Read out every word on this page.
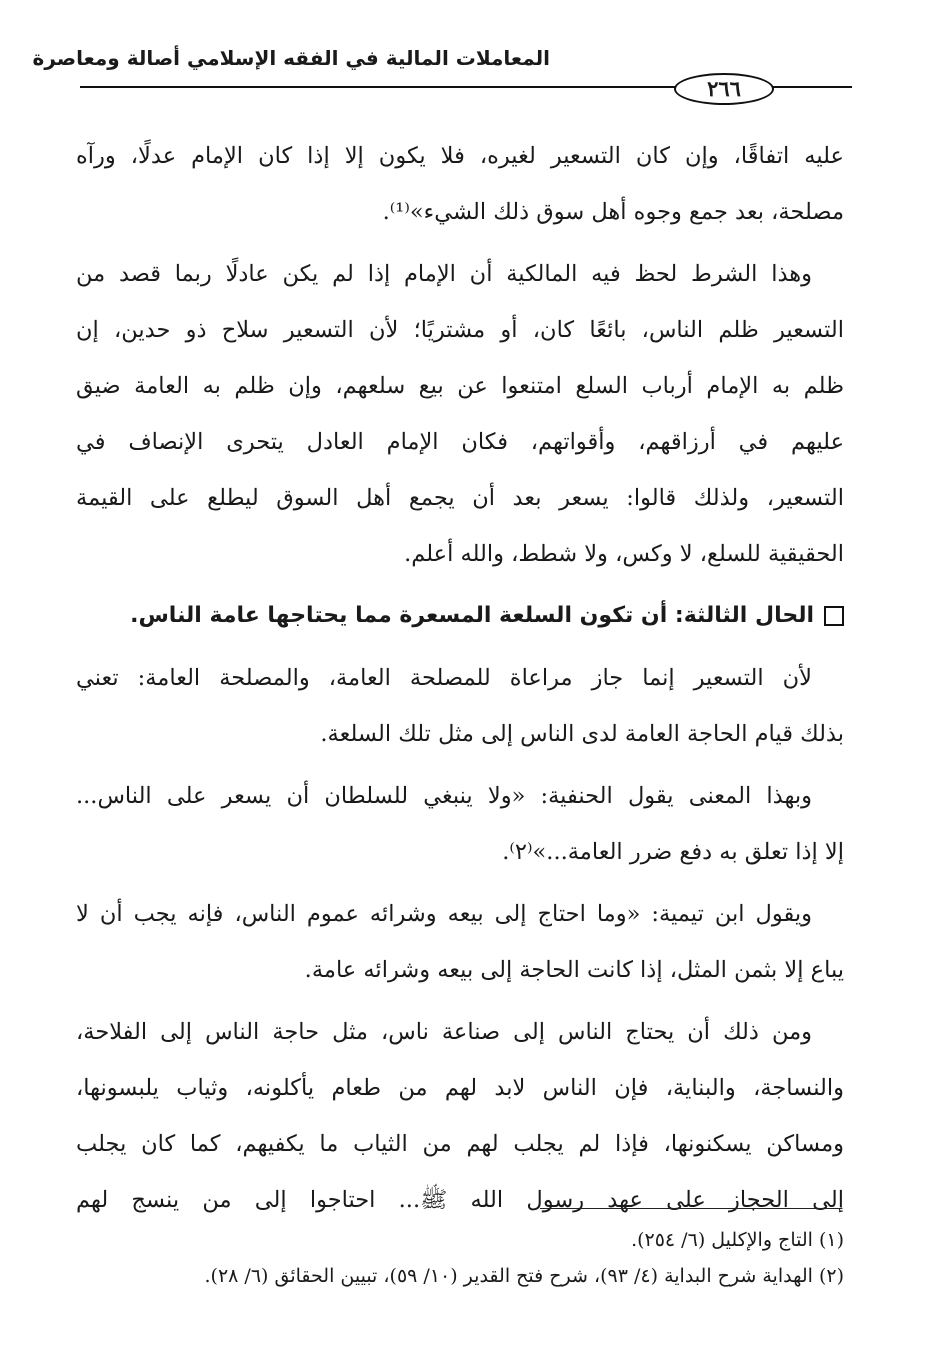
المعاملات المالية في الفقه الإسلامي أصالة ومعاصرة
٢٦٦
عليه اتفاقًا، وإن كان التسعير لغيره، فلا يكون إلا إذا كان الإمام عدلًا، ورآه
مصلحة، بعد جمع وجوه أهل سوق ذلك الشيء»⁽¹⁾.
وهذا الشرط لحظ فيه المالكية أن الإمام إذا لم يكن عادلًا ربما قصد من
التسعير ظلم الناس، بائعًا كان، أو مشتريًا؛ لأن التسعير سلاح ذو حدين، إن
ظلم به الإمام أرباب السلع امتنعوا عن بيع سلعهم، وإن ظلم به العامة ضيق
عليهم في أرزاقهم، وأقواتهم، فكان الإمام العادل يتحرى الإنصاف في
التسعير، ولذلك قالوا: يسعر بعد أن يجمع أهل السوق ليطلع على القيمة
الحقيقية للسلع، لا وكس، ولا شطط، والله أعلم.
الحال الثالثة: أن تكون السلعة المسعرة مما يحتاجها عامة الناس.
لأن التسعير إنما جاز مراعاة للمصلحة العامة، والمصلحة العامة: تعني
بذلك قيام الحاجة العامة لدى الناس إلى مثل تلك السلعة.
وبهذا المعنى يقول الحنفية: «ولا ينبغي للسلطان أن يسعر على الناس...
إلا إذا تعلق به دفع ضرر العامة...»⁽٢⁾.
ويقول ابن تيمية: «وما احتاج إلى بيعه وشرائه عموم الناس، فإنه يجب أن لا
يباع إلا بثمن المثل، إذا كانت الحاجة إلى بيعه وشرائه عامة.
ومن ذلك أن يحتاج الناس إلى صناعة ناس، مثل حاجة الناس إلى الفلاحة،
والنساجة، والبناية، فإن الناس لابد لهم من طعام يأكلونه، وثياب يلبسونها،
ومساكن يسكنونها، فإذا لم يجلب لهم من الثياب ما يكفيهم، كما كان يجلب
إلى الحجاز على عهد رسول الله ﷺ... احتاجوا إلى من ينسج لهم
(١) التاج والإكليل (٦/ ٢٥٤).
(٢) الهداية شرح البداية (٤/ ٩٣)، شرح فتح القدير (١٠/ ٥٩)، تبيين الحقائق (٦/ ٢٨).
